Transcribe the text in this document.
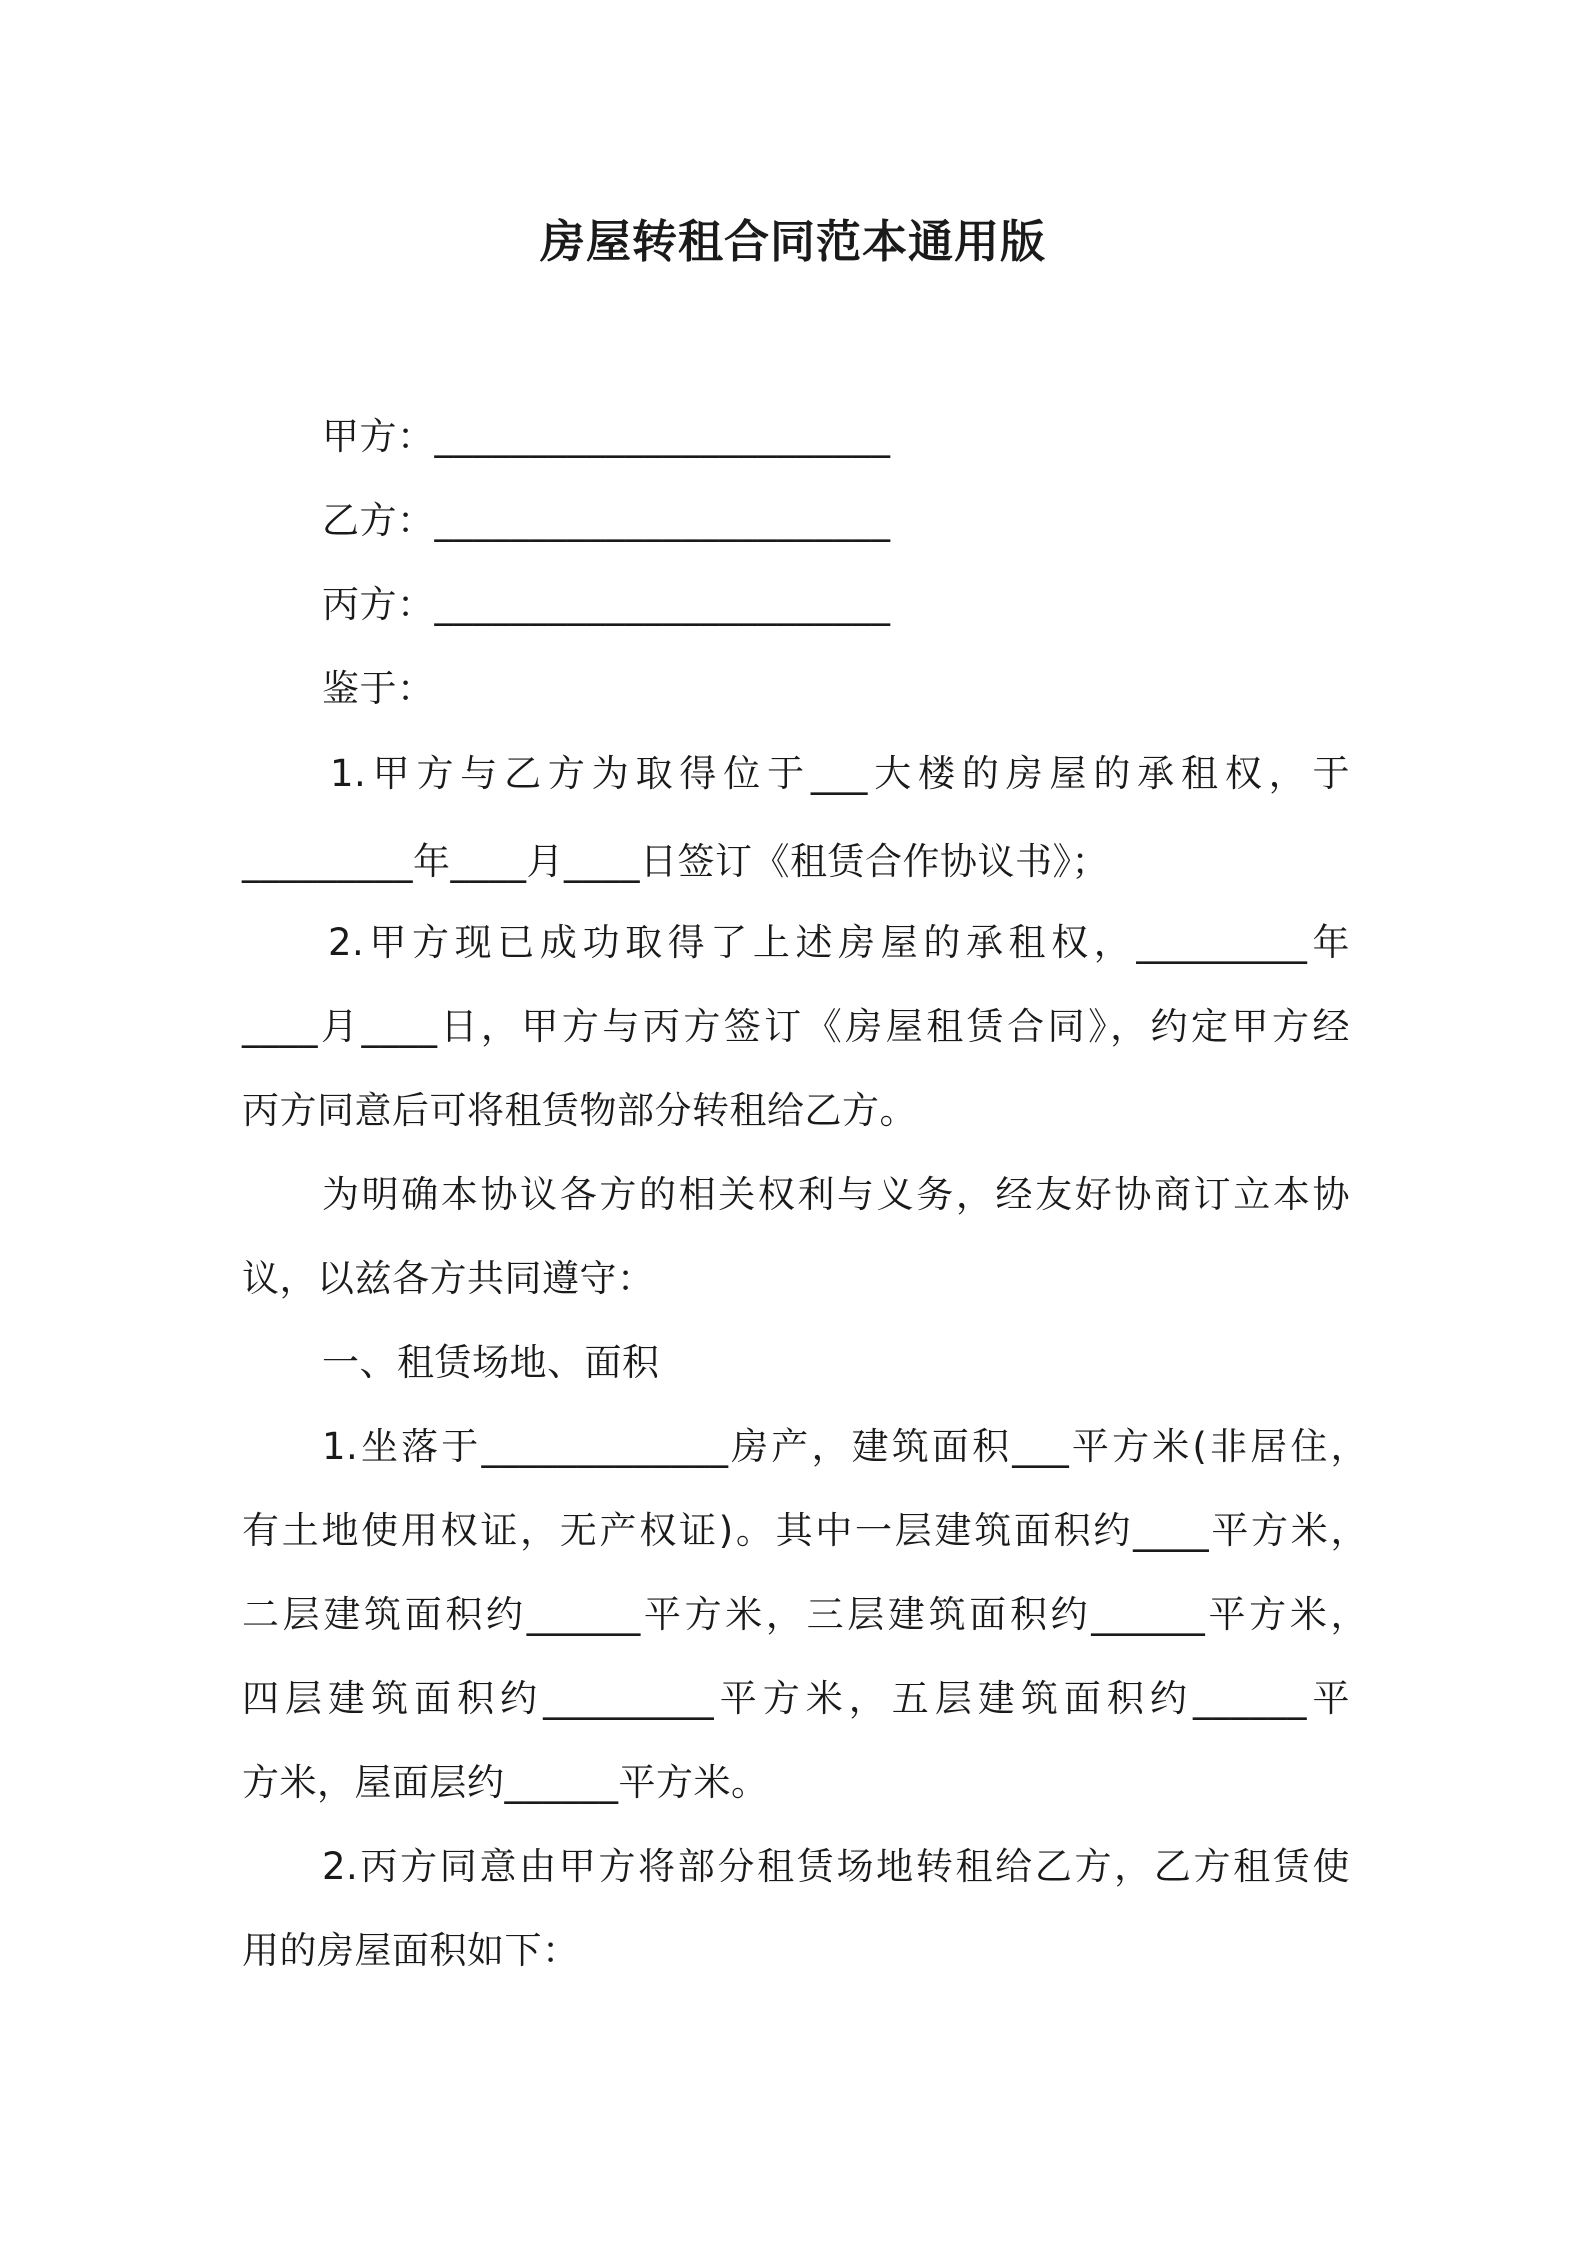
房屋转租合同范本通用版
甲方：________________________
乙方：________________________
丙方：________________________
鉴于：
1.甲方与乙方为取得位于___大楼的房屋的承租权，于
_________年____月____日签订《租赁合作协议书》；
2.甲方现已成功取得了上述房屋的承租权，_________年
____月____日，甲方与丙方签订《房屋租赁合同》，约定甲方经
丙方同意后可将租赁物部分转租给乙方。
为明确本协议各方的相关权利与义务，经友好协商订立本协
议，以兹各方共同遵守：
一、租赁场地、面积
1.坐落于_____________房产，建筑面积___平方米(非居住，
有土地使用权证，无产权证)。其中一层建筑面积约____平方米，
二层建筑面积约______平方米，三层建筑面积约______平方米，
四层建筑面积约_________平方米，五层建筑面积约______平
方米，屋面层约______平方米。
2.丙方同意由甲方将部分租赁场地转租给乙方，乙方租赁使
用的房屋面积如下：
